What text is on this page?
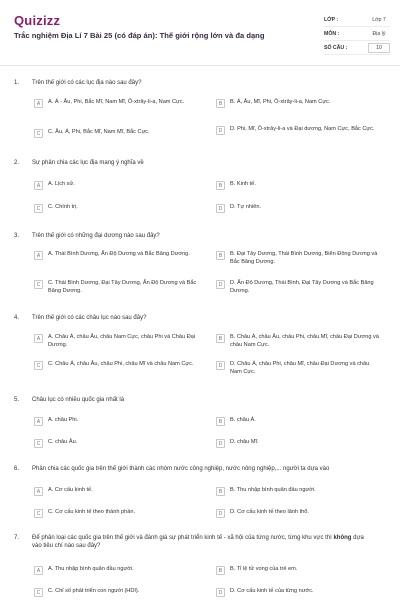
Quizizz
Trắc nghiệm Địa Lí 7 Bài 25 (có đáp án): Thế giới rộng lớn và đa dạng
LỚP :	Lớp 7
MÔN :	Địa lý
SỐ CÂU :	10
1.	Trên thế giới có các lục địa nào sau đây?
A	A. Á - Âu, Phi, Bắc Mĩ, Nam Mĩ, Ô-xtrây-li-a, Nam Cực.	B	B. Á, Âu, Mĩ, Phi, Ô-xtrây-li-a, Nam Cực.
C	C. Âu, Á, Phi, Bắc Mĩ, Nam Mĩ, Bắc Cực.	D	D. Phi, Mĩ, Ô-xtrây-li-a và Đại dương, Nam Cực, Bắc Cực.
2.	Sự phân chia các lục địa mang ý nghĩa về
A	A. Lịch sử.	B	B. Kinh tế.
C	C. Chính trị.	D	D. Tự nhiên.
3.	Trên thế giới có những đại dương nào sau đây?
A	A. Thái Bình Dương, Ấn Độ Dương và Bắc Băng Dương.	B	B. Đại Tây Dương, Thái Bình Dương, Biển Đông Dương và Bắc Băng Dương.
C	C. Thái Bình Dương, Đại Tây Dương, Ấn Độ Dương và Bắc Băng Dương.
D	D. Ấn Độ Dương, Thái Bình, Đại Tây Dương và Bắc Băng Dương.
4.	Trên thế giới có các châu lục nào sau đây?
A	A. Châu Á, châu Âu, châu Nam Cực, châu Phi và Châu Đại Dương.
B	B. Châu Á, châu Âu, châu Phi, châu Mĩ, châu Đại Dương và châu Nam Cực.
C	C. Châu Á, châu Âu, châu Phi, châu Mĩ và châu Nam Cực.	D	D. Châu Á, châu Phi, châu Mĩ, châu Đại Dương và châu Nam Cực.
5.	Châu lục có nhiều quốc gia nhất là
A	A. châu Phi.	B	B. châu Á.
C	C. châu Âu.	D	D. châu Mĩ.
6.	Phân chia các quốc gia trên thế giới thành các nhóm nước công nghiệp, nước nông nghiệp,... người ta dựa vào
A	A. Cơ cấu kinh tế.	B	B. Thu nhập bình quân đầu người.
C	C. Cơ cấu kinh tế theo thành phần.	D	D. Cơ cấu kinh tế theo lãnh thổ.
7.	Để phân loại các quốc gia trên thế giới và đánh giá sự phát triển kinh tế - xã hội của từng nước, từng khu vực thì không dựa vào tiêu chí nào sau đây?
A	A. Thu nhập bình quân đầu người.	B	B. Tỉ lệ tử vong của trẻ em.
C	C. Chỉ số phát triển con người (HDI).	D	D. Cơ cấu kinh tế của từng nước.
